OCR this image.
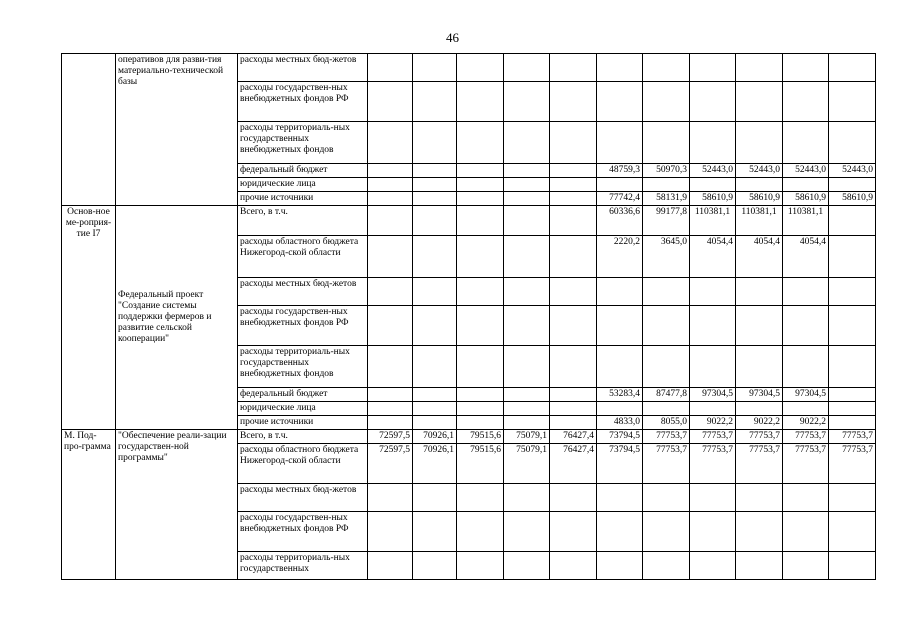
46
	оперативов для разви-тия материально-технической базы	расходы местных бюд-жетов											
		расходы государствен-ных внебюджетных фондов РФ											
		расходы территориаль-ных государственных внебюджетных фондов											
		федеральный бюджет						48759,3	50970,3	52443,0	52443,0	52443,0	52443,0
		юридические лица											
		прочие источники						77742,4	58131,9	58610,9	58610,9	58610,9	58610,9
Основ-ное ме-роприя-тие I7	Федеральный проект "Создание системы поддержки фермеров и развитие сельской кооперации"	Всего, в т.ч.						60336,6	99177,8	110381,1	110381,1	110381,1	
		расходы областного бюджета Нижегород-ской области						2220,2	3645,0	4054,4	4054,4	4054,4	
		расходы местных бюд-жетов											
		расходы государствен-ных внебюджетных фондов РФ											
		расходы территориаль-ных государственных внебюджетных фондов											
		федеральный бюджет						53283,4	87477,8	97304,5	97304,5	97304,5	
		юридические лица											
		прочие источники						4833,0	8055,0	9022,2	9022,2	9022,2	
М. Под-про-грамма	"Обеспечение реали-зации государствен-ной программы"	Всего, в т.ч.	72597,5	70926,1	79515,6	75079,1	76427,4	73794,5	77753,7	77753,7	77753,7	77753,7	77753,7
		расходы областного бюджета Нижегород-ской области	72597,5	70926,1	79515,6	75079,1	76427,4	73794,5	77753,7	77753,7	77753,7	77753,7	77753,7
		расходы местных бюд-жетов											
		расходы государствен-ных внебюджетных фондов РФ											
		расходы территориаль-ных государственных											
